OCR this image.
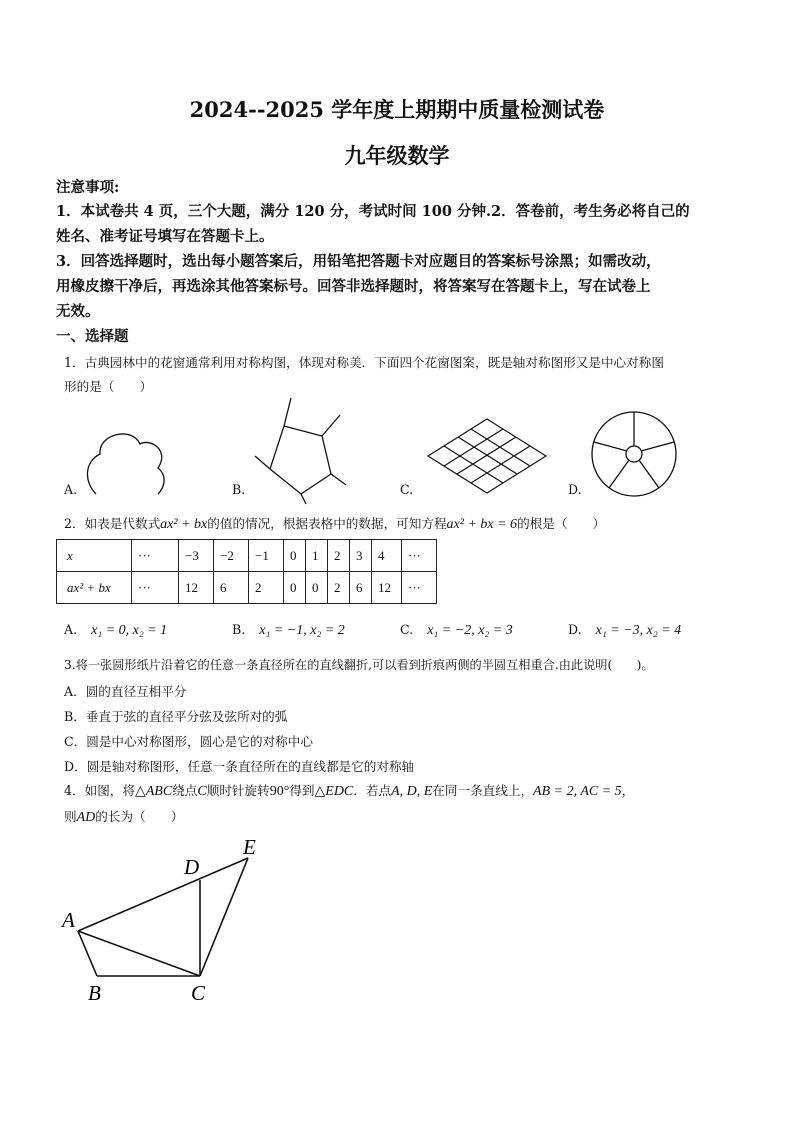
2024--2025 学年度上期期中质量检测试卷
九年级数学
注意事项:
1．本试卷共 4 页，三个大题，满分 120 分，考试时间 100 分钟.2．答卷前，考生务必将自己的
姓名、准考证号填写在答题卡上。
3．回答选择题时，选出每小题答案后，用铅笔把答题卡对应题目的答案标号涂黑；如需改动，
用橡皮擦干净后，再选涂其他答案标号。回答非选择题时，将答案写在答题卡上，写在试卷上
无效。
一、选择题
1．古典园林中的花窗通常利用对称构图，体现对称美．下面四个花窗图案，既是轴对称图形又是中心对称图
形的是（　　）
A.	B.	C.	D.
2．如表是代数式ax² + bx的值的情况，根据表格中的数据，可知方程ax² + bx = 6的根是（　　）
x	···	−3	−2	−1	0	1	2	3	4	···
ax² + bx	···	12	6	2	0	0	2	6	12	···
A. x₁ = 0, x₂ = 1	B. x₁ = −1, x₂ = 2	C. x₁ = −2, x₂ = 3	D. x₁ = −3, x₂ = 4
3.将一张圆形纸片沿着它的任意一条直径所在的直线翻折,可以看到折痕两侧的半圆互相重合.由此说明(　　)。
A．圆的直径互相平分
B．垂直于弦的直径平分弦及弦所对的弧
C．圆是中心对称图形，圆心是它的对称中心
D．圆是轴对称图形，任意一条直径所在的直线都是它的对称轴
4．如图，将△ABC绕点C顺时针旋转90°得到△EDC．若点A, D, E在同一条直线上，AB = 2, AC = 5，
则AD的长为（　　）
A
B	C
D
E
